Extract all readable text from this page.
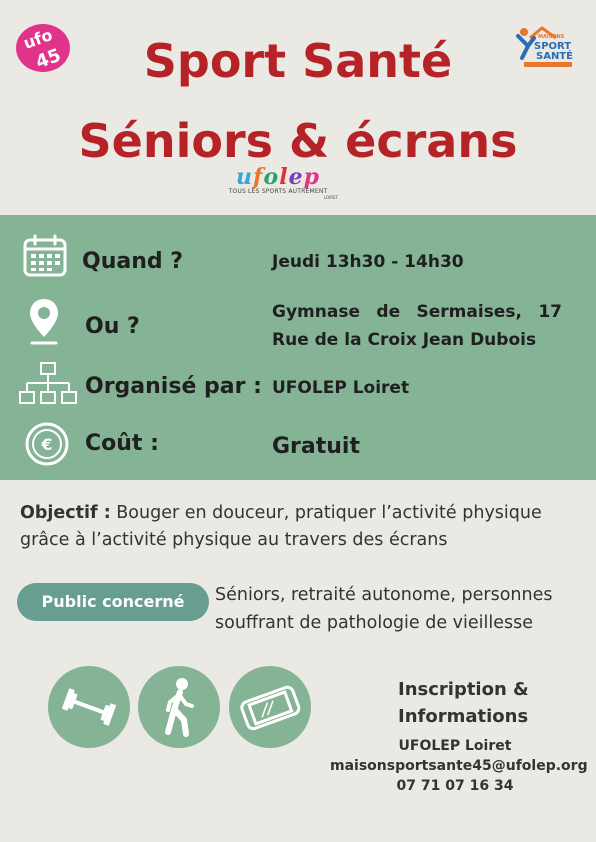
ufo
45
MAISONS
SPORT
SANTÉ
Sport Santé
Séniors & écrans
ufolep
TOUS LES SPORTS AUTREMENT
LOIRET
Quand ?	Jeudi 13h30 - 14h30
Ou ?
Gymnase de Sermaises, 17
Rue de la Croix Jean Dubois
Organisé par : UFOLEP Loiret
€ Coût :	Gratuit
Objectif : Bouger en douceur, pratiquer l’activité physique grâce à l’activité physique au travers des écrans
Public concerné	Séniors, retraité autonome, personnes souffrant de pathologie de vieillesse
Inscription &
Informations
UFOLEP Loiret
maisonsportsante45@ufolep.org
07 71 07 16 34
